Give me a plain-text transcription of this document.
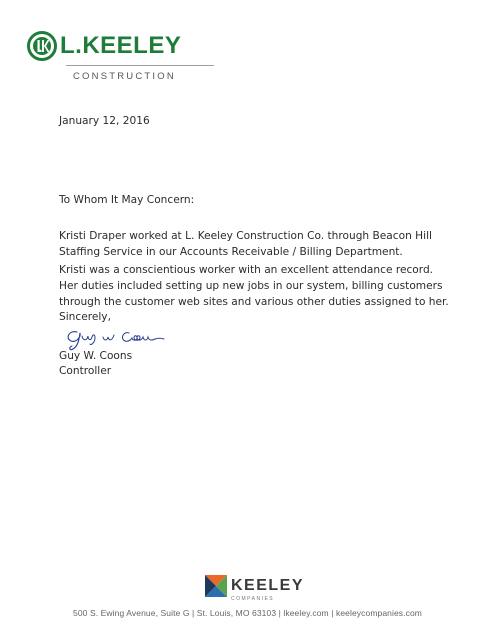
L.KEELEY
CONSTRUCTION
January 12, 2016
To Whom It May Concern:
Kristi Draper worked at L. Keeley Construction Co. through Beacon Hill Staffing Service in our Accounts Receivable / Billing Department.
Kristi was a conscientious worker with an excellent attendance record. Her duties included setting up new jobs in our system, billing customers through the customer web sites and various other duties assigned to her.
Sincerely,
Guy W. Coons
Controller
KEELEY
COMPANIES
500 S. Ewing Avenue, Suite G | St. Louis, MO 63103 | lkeeley.com | keeleycompanies.com
